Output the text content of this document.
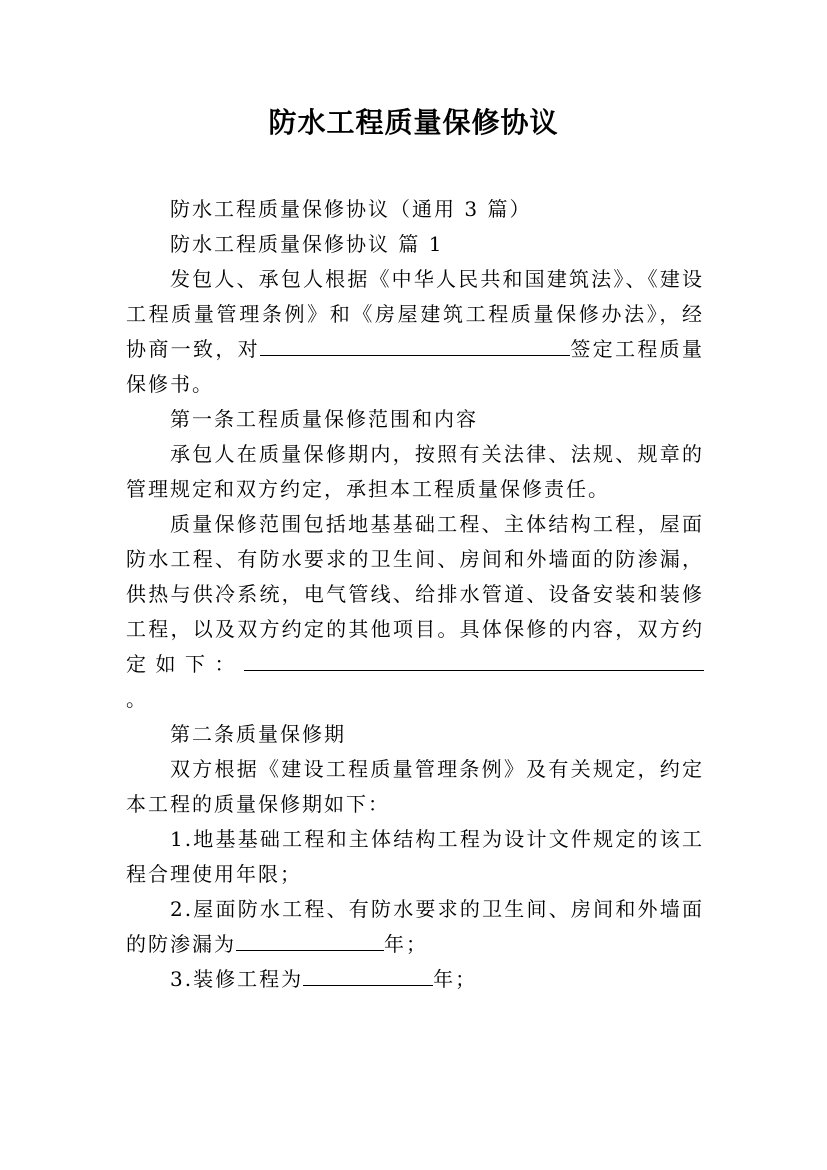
防水工程质量保修协议

防水工程质量保修协议（通用 3 篇）

防水工程质量保修协议 篇 1

发包人、承包人根据《中华人民共和国建筑法》、《建设工程质量管理条例》和《房屋建筑工程质量保修办法》，经协商一致，对	签定工程质量保修书。

第一条工程质量保修范围和内容

承包人在质量保修期内，按照有关法律、法规、规章的管理规定和双方约定，承担本工程质量保修责任。

质量保修范围包括地基基础工程、主体结构工程，屋面防水工程、有防水要求的卫生间、房间和外墙面的防渗漏，供热与供冷系统，电气管线、给排水管道、设备安装和装修工程，以及双方约定的其他项目。具体保修的内容，双方约定如下：。

第二条质量保修期

双方根据《建设工程质量管理条例》及有关规定，约定本工程的质量保修期如下：

1.地基基础工程和主体结构工程为设计文件规定的该工程合理使用年限；

2.屋面防水工程、有防水要求的卫生间、房间和外墙面的防渗漏为	年；

3.装修工程为	年；
